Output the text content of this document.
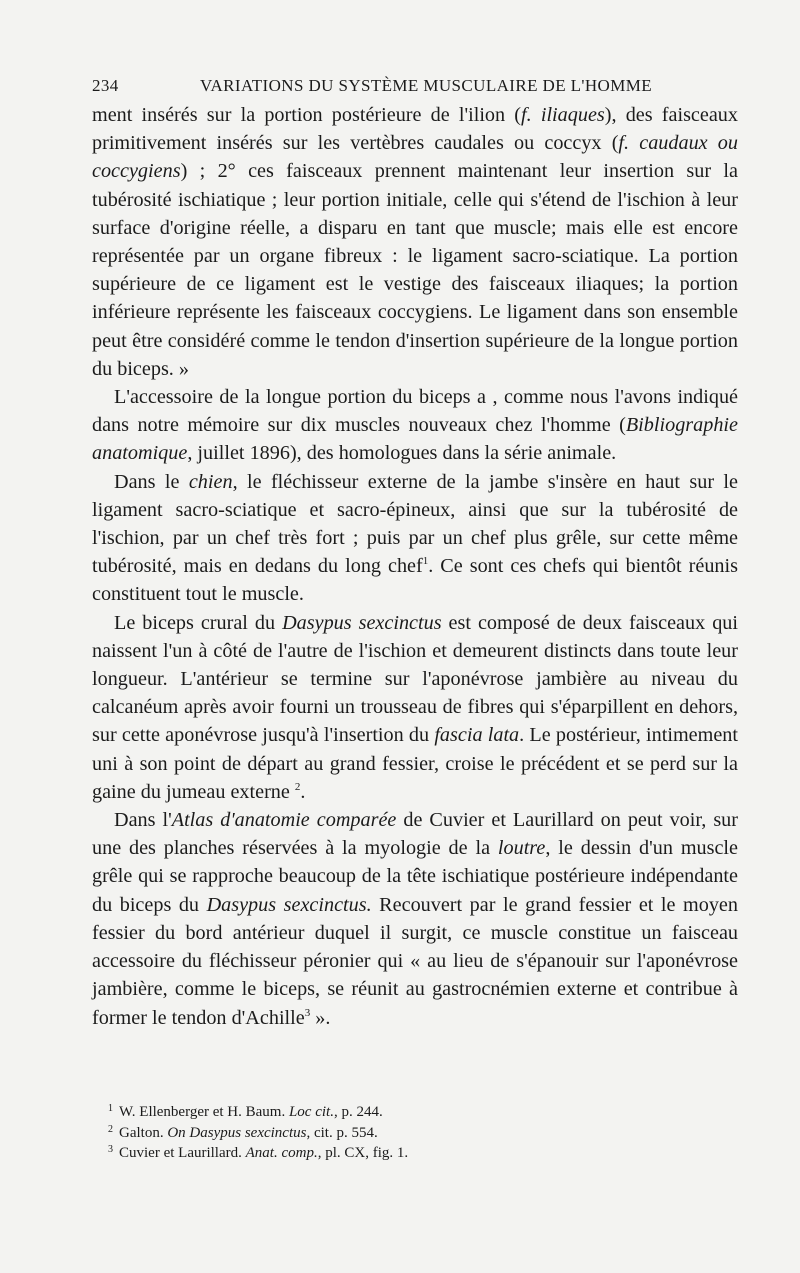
234	VARIATIONS DU SYSTÈME MUSCULAIRE DE L'HOMME

ment insérés sur la portion postérieure de l'ilion (f. iliaques), des faisceaux primitivement insérés sur les vertèbres caudales ou coccyx (f. caudaux ou coccygiens) ; 2° ces faisceaux prennent maintenant leur insertion sur la tubérosité ischiatique ; leur portion initiale, celle qui s'étend de l'ischion à leur surface d'origine réelle, a disparu en tant que muscle; mais elle est encore représentée par un organe fibreux : le ligament sacro-sciatique. La portion supérieure de ce ligament est le vestige des faisceaux iliaques; la portion inférieure représente les faisceaux coccygiens. Le ligament dans son ensemble peut être considéré comme le tendon d'insertion supérieure de la longue portion du biceps. »

L'accessoire de la longue portion du biceps a , comme nous l'avons indiqué dans notre mémoire sur dix muscles nouveaux chez l'homme (Bibliographie anatomique, juillet 1896), des homologues dans la série animale.

Dans le chien, le fléchisseur externe de la jambe s'insère en haut sur le ligament sacro-sciatique et sacro-épineux, ainsi que sur la tubérosité de l'ischion, par un chef très fort ; puis par un chef plus grêle, sur cette même tubérosité, mais en dedans du long chef$^1$. Ce sont ces chefs qui bientôt réunis constituent tout le muscle.

Le biceps crural du Dasypus sexcinctus est composé de deux faisceaux qui naissent l'un à côté de l'autre de l'ischion et demeurent distincts dans toute leur longueur. L'antérieur se termine sur l'aponévrose jambière au niveau du calcanéum après avoir fourni un trousseau de fibres qui s'éparpillent en dehors, sur cette aponévrose jusqu'à l'insertion du fascia lata. Le postérieur, intimement uni à son point de départ au grand fessier, croise le précédent et se perd sur la gaine du jumeau externe $^2$.

Dans l'Atlas d'anatomie comparée de Cuvier et Laurillard on peut voir, sur une des planches réservées à la myologie de la loutre, le dessin d'un muscle grêle qui se rapproche beaucoup de la tête ischiatique postérieure indépendante du biceps du Dasypus sexcinctus. Recouvert par le grand fessier et le moyen fessier du bord antérieur duquel il surgit, ce muscle constitue un faisceau accessoire du fléchisseur péronier qui « au lieu de s'épanouir sur l'aponévrose jambière, comme le biceps, se réunit au gastrocnémien externe et contribue à former le tendon d'Achille$^3$ ».

$^1$ W. Ellenberger et H. Baum. Loc cit., p. 244.
$^2$ Galton. On Dasypus sexcinctus, cit. p. 554.
$^3$ Cuvier et Laurillard. Anat. comp., pl. CX, fig. 1.
